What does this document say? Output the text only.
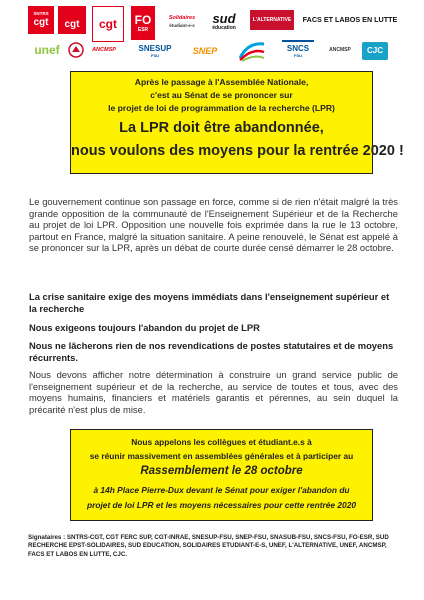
SNTRS
cgt cgt cgt FO
ESR
Solidaires
étudiant-e-s sud
éducation
L'ALTERNATIVE FACS ET LABOS EN LUTTE
unef	ANCMSP	SNESUP
FSU	SNEP	SNCS
FSU
ANCMSP CJC
Après le passage à l'Assemblée Nationale,
c'est au Sénat de se prononcer sur
le projet de loi de programmation de la recherche (LPR)
La LPR doit être abandonnée,
nous voulons des moyens pour la rentrée 2020 !
Le gouvernement continue son passage en force, comme si de rien n'était malgré la très grande opposition de la communauté de l'Enseignement Supérieur et de la Recherche au projet de loi LPR. Opposition une nouvelle fois exprimée dans la rue le 13 octobre, partout en France, malgré la situation sanitaire. A peine renouvelé, le Sénat est appelé à se prononcer sur la LPR, après un débat de courte durée censé démarrer le 28 octobre.
La crise sanitaire exige des moyens immédiats dans l'enseignement supérieur et la recherche
Nous exigeons toujours l'abandon du projet de LPR
Nous ne lâcherons rien de nos revendications de postes statutaires et de moyens récurrents.
Nous devons afficher notre détermination à construire un grand service public de l'enseignement supérieur et de la recherche, au service de toutes et tous, avec des moyens humains, financiers et matériels garantis et pérennes, au sein duquel la précarité n'est plus de mise.
Nous appelons les collègues et étudiant.e.s à
se réunir massivement en assemblées générales et à participer au
Rassemblement le 28 octobre
à 14h Place Pierre-Dux devant le Sénat pour exiger l'abandon du
projet de loi LPR et les moyens nécessaires pour cette rentrée 2020
Signataires : SNTRS-CGT, CGT FERC SUP, CGT-INRAE, SNESUP-FSU, SNEP-FSU, SNASUB-FSU, SNCS-FSU, FO-ESR, SUD RECHERCHE EPST-SOLIDAIRES, SUD EDUCATION, SOLIDAIRES ETUDIANT-E-S, UNEF, L'ALTERNATIVE, UNEF, ANCMSP, FACS ET LABOS EN LUTTE, CJC.
